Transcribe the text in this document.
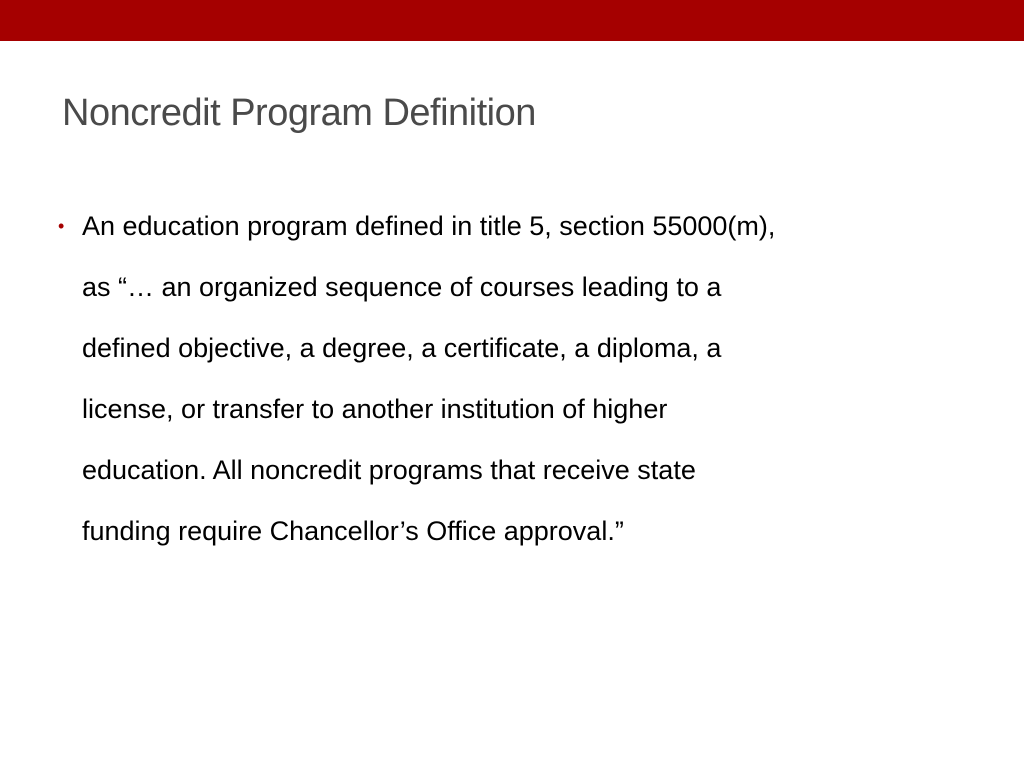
Noncredit Program Definition
• An education program defined in title 5, section 55000(m),
as “… an organized sequence of courses leading to a
defined objective, a degree, a certificate, a diploma, a
license, or transfer to another institution of higher
education. All noncredit programs that receive state
funding require Chancellor’s Office approval.”
